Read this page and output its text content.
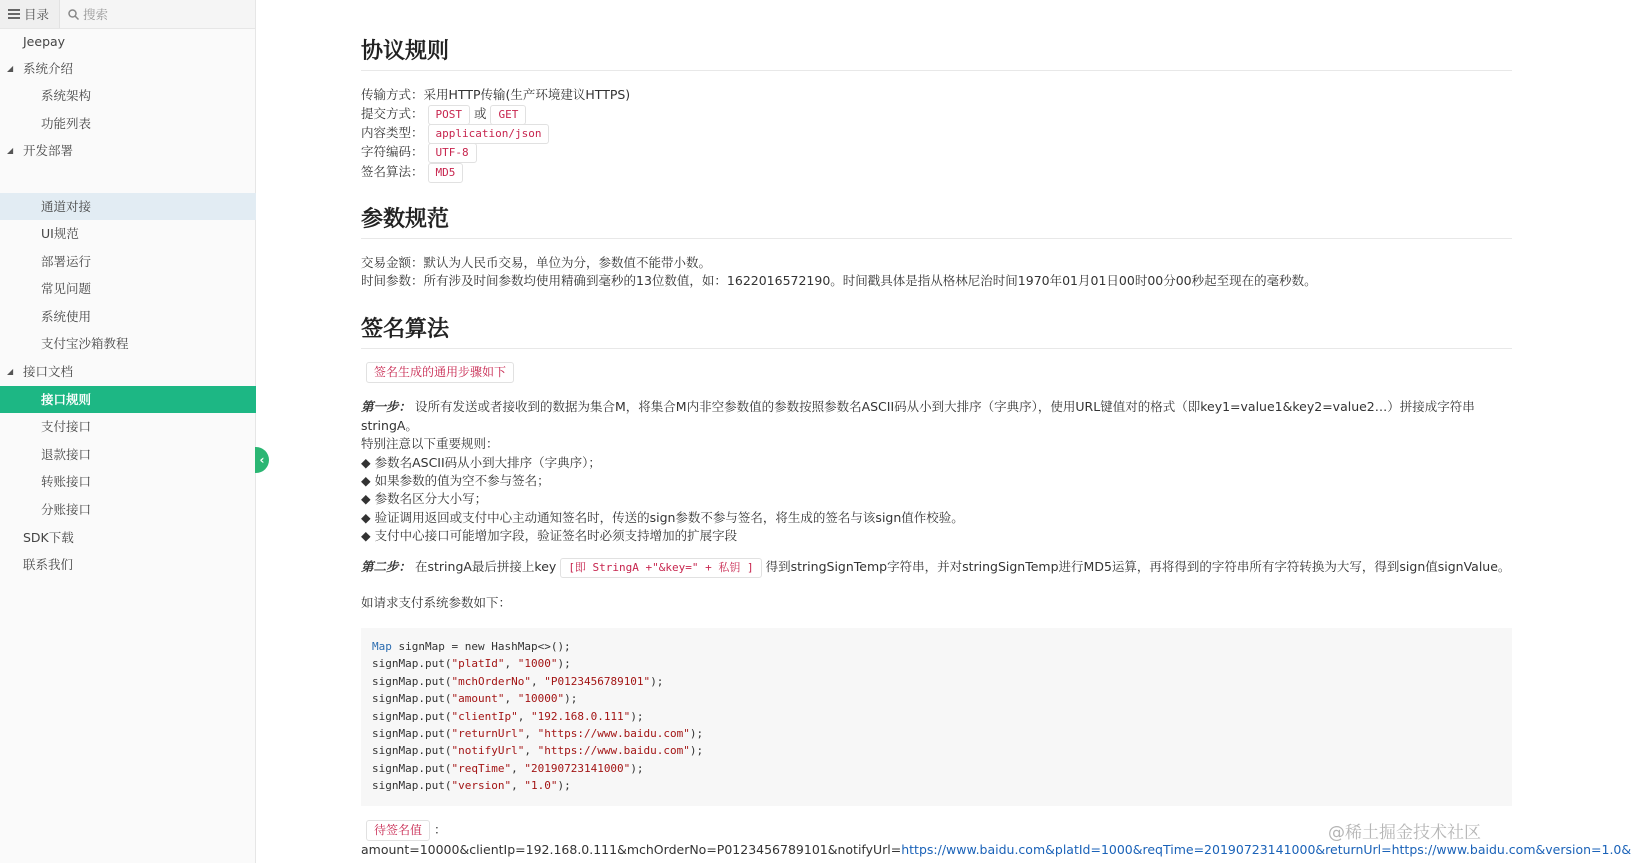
目录	搜索
Jeepay
◢ 系统介绍
系统架构
功能列表
◢ 开发部署
通道对接
UI规范
部署运行
常见问题
系统使用
支付宝沙箱教程
◢ 接口文档
接口规则
支付接口
退款接口
转账接口
分账接口
SDK下载
联系我们
‹
协议规则
传输方式：采用HTTP传输(生产环境建议HTTPS)
提交方式： POST 或 GET
内容类型： application/json
字符编码： UTF-8
签名算法： MD5
参数规范
交易金额：默认为人民币交易，单位为分，参数值不能带小数。
时间参数：所有涉及时间参数均使用精确到毫秒的13位数值，如：1622016572190。时间戳具体是指从格林尼治时间1970年01月01日00时00分00秒起至现在的毫秒数。
签名算法
签名生成的通用步骤如下
第一步： 设所有发送或者接收到的数据为集合M，将集合M内非空参数值的参数按照参数名ASCII码从小到大排序（字典序），使用URL键值对的格式（即key1=value1&key2=value2…）拼接成字符串
stringA。
特别注意以下重要规则：
◆ 参数名ASCII码从小到大排序（字典序）；
◆ 如果参数的值为空不参与签名；
◆ 参数名区分大小写；
◆ 验证调用返回或支付中心主动通知签名时，传送的sign参数不参与签名，将生成的签名与该sign值作校验。
◆ 支付中心接口可能增加字段，验证签名时必须支持增加的扩展字段
第二步： 在stringA最后拼接上key [即 StringA +"&key=" + 私钥 ] 得到stringSignTemp字符串，并对stringSignTemp进行MD5运算，再将得到的字符串所有字符转换为大写，得到sign值signValue。
如请求支付系统参数如下：
Map signMap = new HashMap<>();
signMap.put("platId", "1000");
signMap.put("mchOrderNo", "P0123456789101");
signMap.put("amount", "10000");
signMap.put("clientIp", "192.168.0.111");
signMap.put("returnUrl", "https://www.baidu.com");
signMap.put("notifyUrl", "https://www.baidu.com");
signMap.put("reqTime", "20190723141000");
signMap.put("version", "1.0");
待签名值 ：
amount=10000&clientIp=192.168.0.111&mchOrderNo=P0123456789101&notifyUrl=https://www.baidu.com&platId=1000&reqTime=20190723141000&returnUrl=https://www.baidu.com&version=1.0&
@稀土掘金技术社区
